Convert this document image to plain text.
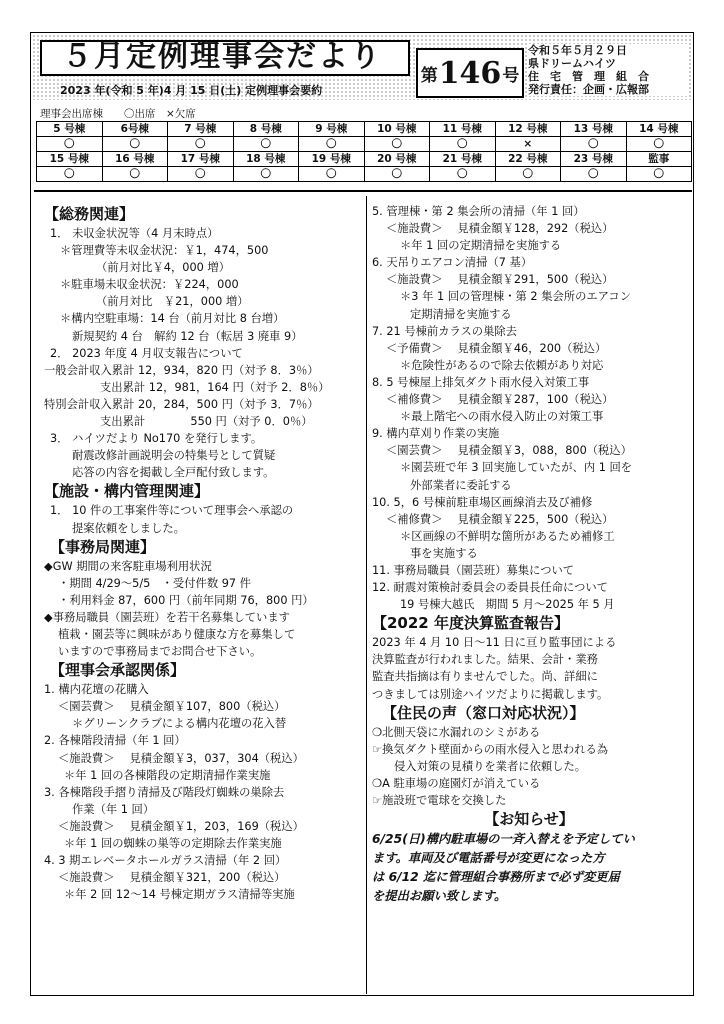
５月定例理事会だより
2023 年(令和 5 年)4 月 15 日(土) 定例理事会要約
第 146 号
令和５年５月２９日
県ドリームハイツ
住　宅　管　理　組　合
発行責任：企画・広報部
理事会出席棟　　〇出席　×欠席
5 号棟	6号棟	7 号棟	8 号棟	9 号棟	10 号棟	11 号棟	12 号棟	13 号棟	14 号棟
〇	〇	〇	〇	〇	〇	〇	×	〇	〇
15 号棟	16 号棟	17 号棟	18 号棟	19 号棟	20 号棟	21 号棟	22 号棟	23 号棟	監事
〇	〇	〇	〇	〇	〇	〇	〇	〇	〇
【総務関連】
1． 未収金状況等（4 月末時点）
＊管理費等未収金状況：￥1，474，500
（前月対比￥4，000 増）
＊駐車場未収金状況：￥224，000
（前月対比　￥21，000 増）
＊構内空駐車場：14 台（前月対比 8 台増）
新規契約 4 台　解約 12 台（転居 3 廃車 9）
2． 2023 年度 4 月収支報告について
一般会計収入累計 12，934，820 円（対予 8．3％）
支出累計 12，981，164 円（対予 2．8％）
特別会計収入累計 20，284，500 円（対予 3．7％）
支出累計　　　　550 円（対予 0．0％）
3． ハイツだより No170 を発行します。
耐震改修計画説明会の特集号として質疑
応答の内容を掲載し全戸配付致します。
【施設・構内管理関連】
1． 10 件の工事案件等について理事会へ承認の
提案依頼をしました。
【事務局関連】
◆GW 期間の来客駐車場利用状況
・期間 4/29～5/5　・受付件数 97 件
・利用料金 87，600 円（前年同期 76，800 円）
◆事務局職員（園芸班）を若干名募集しています
植栽・園芸等に興味があり健康な方を募集して
いますので事務局までお問合せ下さい。
【理事会承認関係】
1. 構内花壇の花購入
＜園芸費＞　 見積金額￥107，800（税込）
＊グリーンクラブによる構内花壇の花入替
2. 各棟階段清掃（年 1 回）
＜施設費＞　 見積金額￥3，037，304（税込）
＊年 1 回の各棟階段の定期清掃作業実施
3. 各棟階段手摺り清掃及び階段灯蜘蛛の巣除去
作業（年 1 回）
＜施設費＞　 見積金額￥1，203，169（税込）
＊年 1 回の蜘蛛の巣等の定期除去作業実施
4. 3 期エレベータホールガラス清掃（年 2 回）
＜施設費＞　 見積金額￥321，200（税込）
＊年 2 回 12～14 号棟定期ガラス清掃等実施
5. 管理棟・第 2 集会所の清掃（年 1 回）
＜施設費＞　 見積金額￥128，292（税込）
＊年 1 回の定期清掃を実施する
6. 天吊りエアコン清掃（7 基）
＜施設費＞　 見積金額￥291，500（税込）
＊3 年 1 回の管理棟・第 2 集会所のエアコン
定期清掃を実施する
7. 21 号棟前カラスの巣除去
＜予備費＞　 見積金額￥46，200（税込）
＊危険性があるので除去依頼があり対応
8. 5 号棟屋上排気ダクト雨水侵入対策工事
＜補修費＞　 見積金額￥287，100（税込）
＊最上階宅への雨水侵入防止の対策工事
9. 構内草刈り作業の実施
＜園芸費＞　 見積金額￥3，088，800（税込）
＊園芸班で年 3 回実施していたが、内 1 回を
外部業者に委託する
10. 5，6 号棟前駐車場区画線消去及び補修
＜補修費＞　 見積金額￥225，500（税込）
＊区画線の不鮮明な箇所があるため補修工
事を実施する
11. 事務局職員（園芸班）募集について
12. 耐震対策検討委員会の委員長任命について
19 号棟大越氏　期間 5 月～2025 年 5 月
【2022 年度決算監査報告】
2023 年 4 月 10 日～11 日に亘り監事団による
決算監査が行われました。結果、会計・業務
監査共指摘は有りませんでした。尚、詳細に
つきましては別途ハイツだよりに掲載します。
【住民の声（窓口対応状況）】
❍北側天袋に水漏れのシミがある
☞換気ダクト壁面からの雨水侵入と思われる為
侵入対策の見積りを業者に依頼した。
❍A 駐車場の庭園灯が消えている
☞施設班で電球を交換した
【お知らせ】
6/25(日)構内駐車場の一斉入替えを予定してい
ます。車両及び電話番号が変更になった方
は 6/12 迄に管理組合事務所まで必ず変更届
を提出お願い致します。
